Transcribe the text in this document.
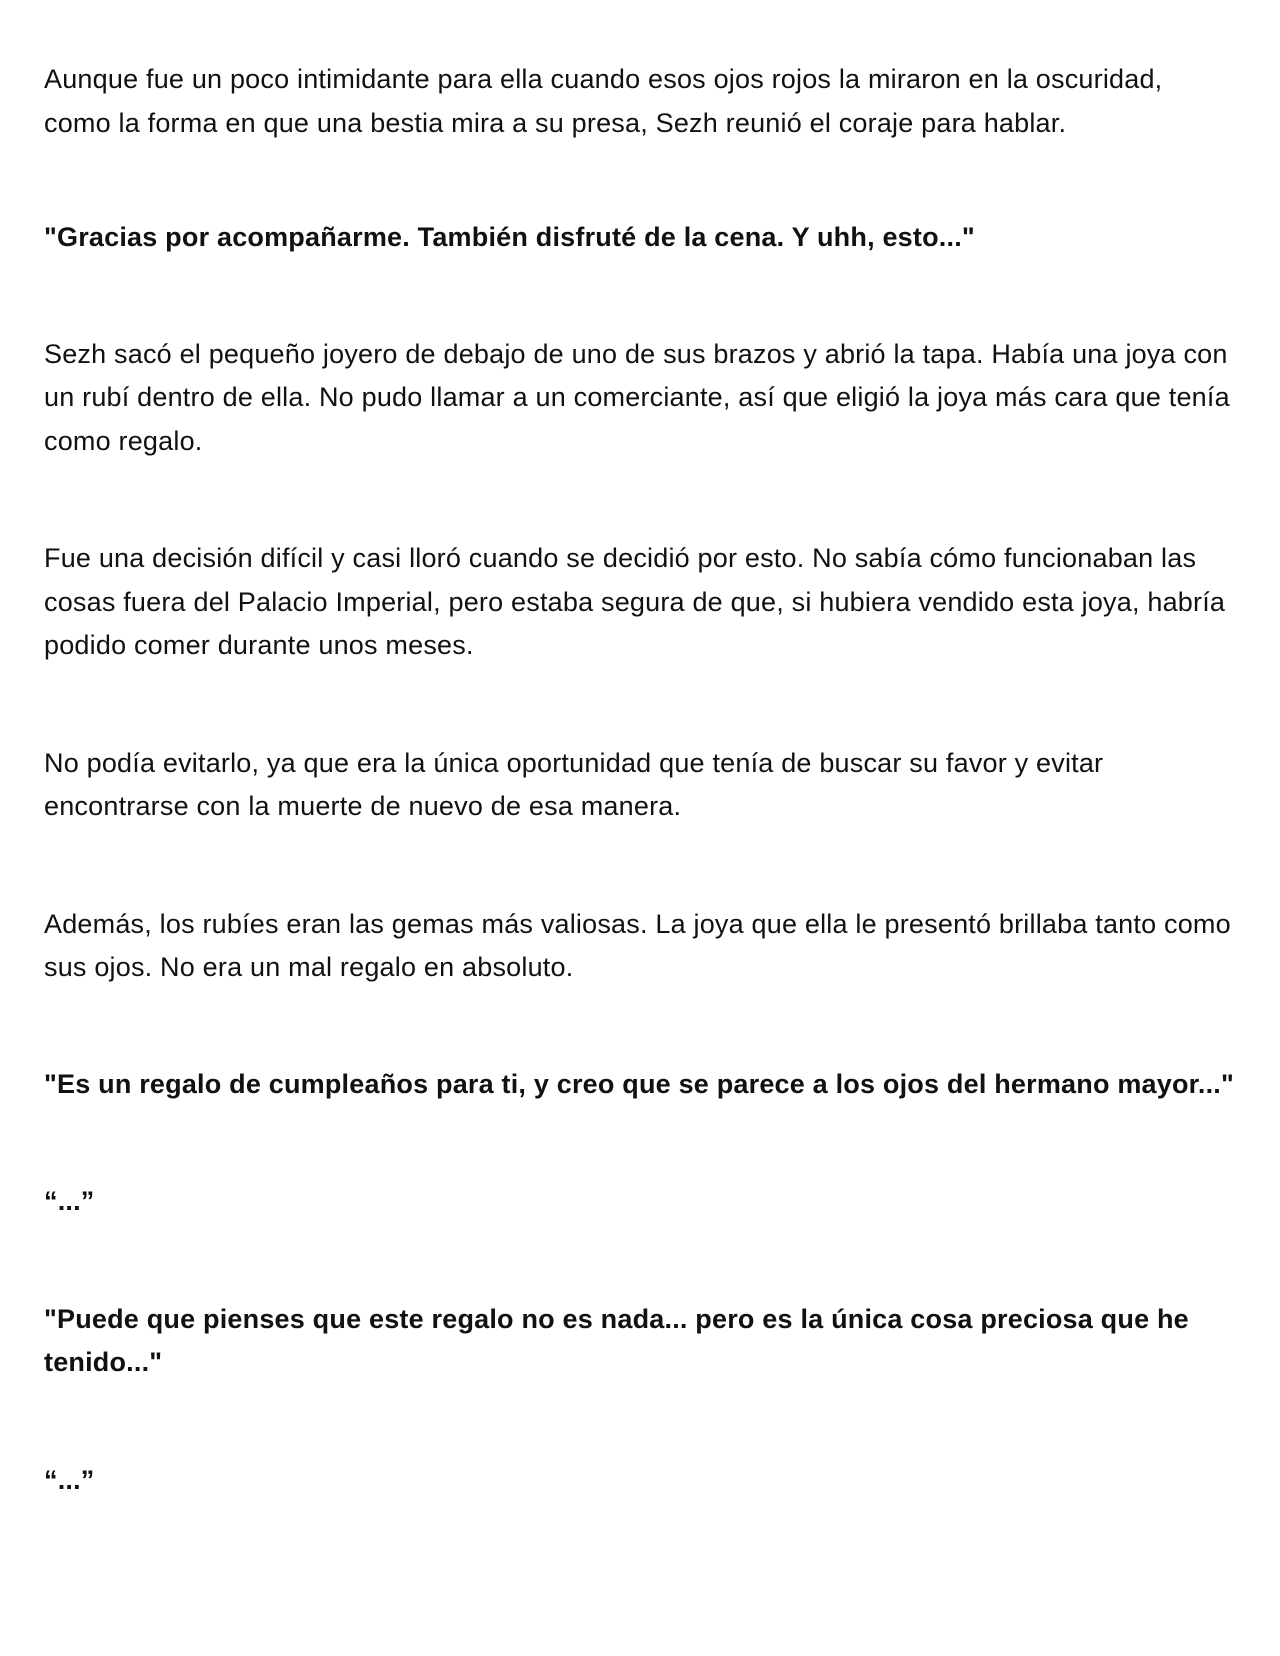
Aunque fue un poco intimidante para ella cuando esos ojos rojos la miraron en la oscuridad, como la forma en que una bestia mira a su presa, Sezh reunió el coraje para hablar.

"Gracias por acompañarme. También disfruté de la cena. Y uhh, esto..."

Sezh sacó el pequeño joyero de debajo de uno de sus brazos y abrió la tapa. Había una joya con un rubí dentro de ella. No pudo llamar a un comerciante, así que eligió la joya más cara que tenía como regalo.

Fue una decisión difícil y casi lloró cuando se decidió por esto. No sabía cómo funcionaban las cosas fuera del Palacio Imperial, pero estaba segura de que, si hubiera vendido esta joya, habría podido comer durante unos meses.

No podía evitarlo, ya que era la única oportunidad que tenía de buscar su favor y evitar encontrarse con la muerte de nuevo de esa manera.

Además, los rubíes eran las gemas más valiosas. La joya que ella le presentó brillaba tanto como sus ojos. No era un mal regalo en absoluto.

"Es un regalo de cumpleaños para ti, y creo que se parece a los ojos del hermano mayor..."

“...”

"Puede que pienses que este regalo no es nada... pero es la única cosa preciosa que he tenido..."

“...”
